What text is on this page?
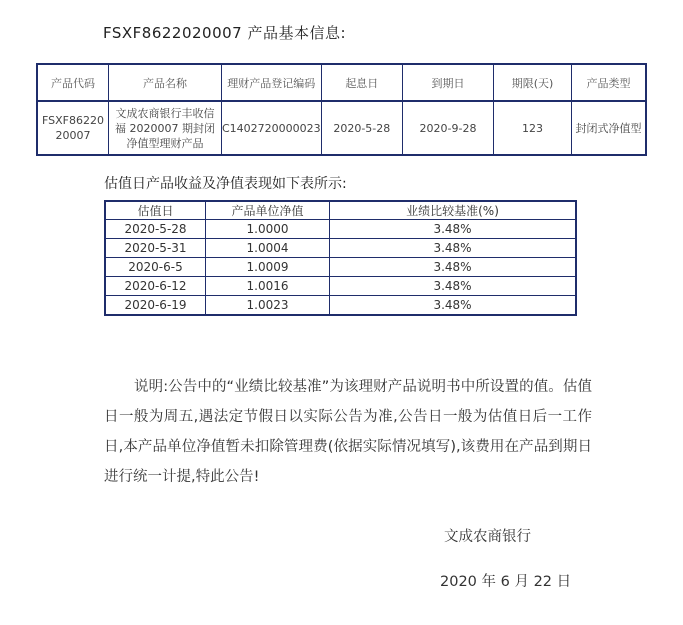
FSXF8622020007 产品基本信息:
产品代码	产品名称	理财产品登记编码	起息日	到期日	期限(天)	产品类型
FSXF8622020007	文成农商银行丰收信福 2020007 期封闭净值型理财产品	C1402720000023	2020-5-28	2020-9-28	123	封闭式净值型
估值日产品收益及净值表现如下表所示:
估值日	产品单位净值	业绩比较基准(%)
2020-5-28	1.0000	3.48%
2020-5-31	1.0004	3.48%
2020-6-5	1.0009	3.48%
2020-6-12	1.0016	3.48%
2020-6-19	1.0023	3.48%

说明:公告中的“业绩比较基准”为该理财产品说明书中所设置的值。估值日一般为周五,遇法定节假日以实际公告为准,公告日一般为估值日后一工作日,本产品单位净值暂未扣除管理费(依据实际情况填写),该费用在产品到期日进行统一计提,特此公告!

文成农商银行
2020 年 6 月 22 日
